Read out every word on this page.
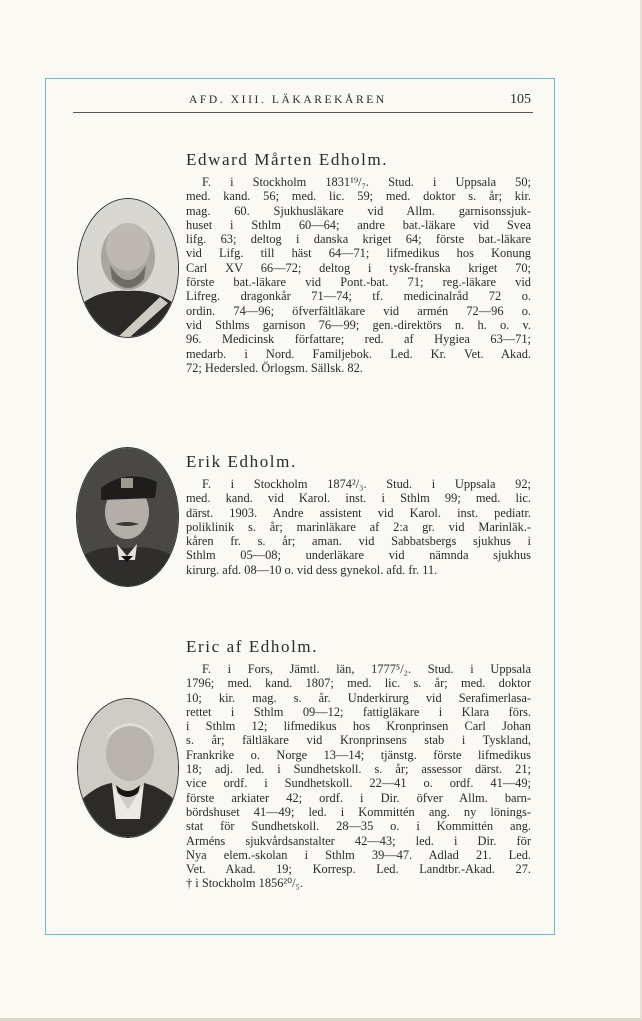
AFD. XIII. LÄKAREKÅREN	105
Edward Mårten Edholm.

F. i Stockholm 1831¹⁹/₇. Stud. i Uppsala 50;
med. kand. 56; med. lic. 59; med. doktor s. år; kir.
mag. 60. Sjukhusläkare vid Allm. garnisonssjuk-
huset i Sthlm 60—64; andre bat.-läkare vid Svea
lifg. 63; deltog i danska kriget 64; förste bat.-läkare
vid Lifg. till häst 64—71; lifmedikus hos Konung
Carl XV 66—72; deltog i tysk-franska kriget 70;
förste bat.-läkare vid Pont.-bat. 71; reg.-läkare vid
Lifreg. dragonkår 71—74; tf. medicinalråd 72 o.
ordin. 74—96; öfverfältläkare vid armén 72—96 o.
vid Sthlms garnison 76—99; gen.-direktörs n. h. o. v.
96. Medicinsk författare; red. af Hygiea 63—71;
medarb. i Nord. Familjebok. Led. Kr. Vet. Akad.
72; Hedersled. Örlogsm. Sällsk. 82.

Erik Edholm.

F. i Stockholm 1874²/₃. Stud. i Uppsala 92;
med. kand. vid Karol. inst. i Sthlm 99; med. lic.
därst. 1903. Andre assistent vid Karol. inst. pediatr.
poliklinik s. år; marinläkare af 2:a gr. vid Marinläk.-
kåren fr. s. år; aman. vid Sabbatsbergs sjukhus i
Sthlm 05—08; underläkare vid nämnda sjukhus
kirurg. afd. 08—10 o. vid dess gynekol. afd. fr. 11.

Eric af Edholm.

F. i Fors, Jämtl. län, 1777⁵/₂. Stud. i Uppsala
1796; med. kand. 1807; med. lic. s. år; med. doktor
10; kir. mag. s. år. Underkirurg vid Serafimerlasa-
rettet i Sthlm 09—12; fattigläkare i Klara förs.
i Sthlm 12; lifmedikus hos Kronprinsen Carl Johan
s. år; fältläkare vid Kronprinsens stab i Tyskland,
Frankrike o. Norge 13—14; tjänstg. förste lifmedikus
18; adj. led. i Sundhetskoll. s. år; assessor därst. 21;
vice ordf. i Sundhetskoll. 22—41 o. ordf. 41—49;
förste arkiater 42; ordf. i Dir. öfver Allm. barn-
bördshuset 41—49; led. i Kommittén ang. ny lönings-
stat för Sundhetskoll. 28—35 o. i Kommittén ang.
Arméns sjukvårdsanstalter 42—43; led. i Dir. för
Nya elem.-skolan i Sthlm 39—47. Adlad 21. Led.
Vet. Akad. 19; Korresp. Led. Landtbr.-Akad. 27.
† i Stockholm 1856²⁰/₅.
